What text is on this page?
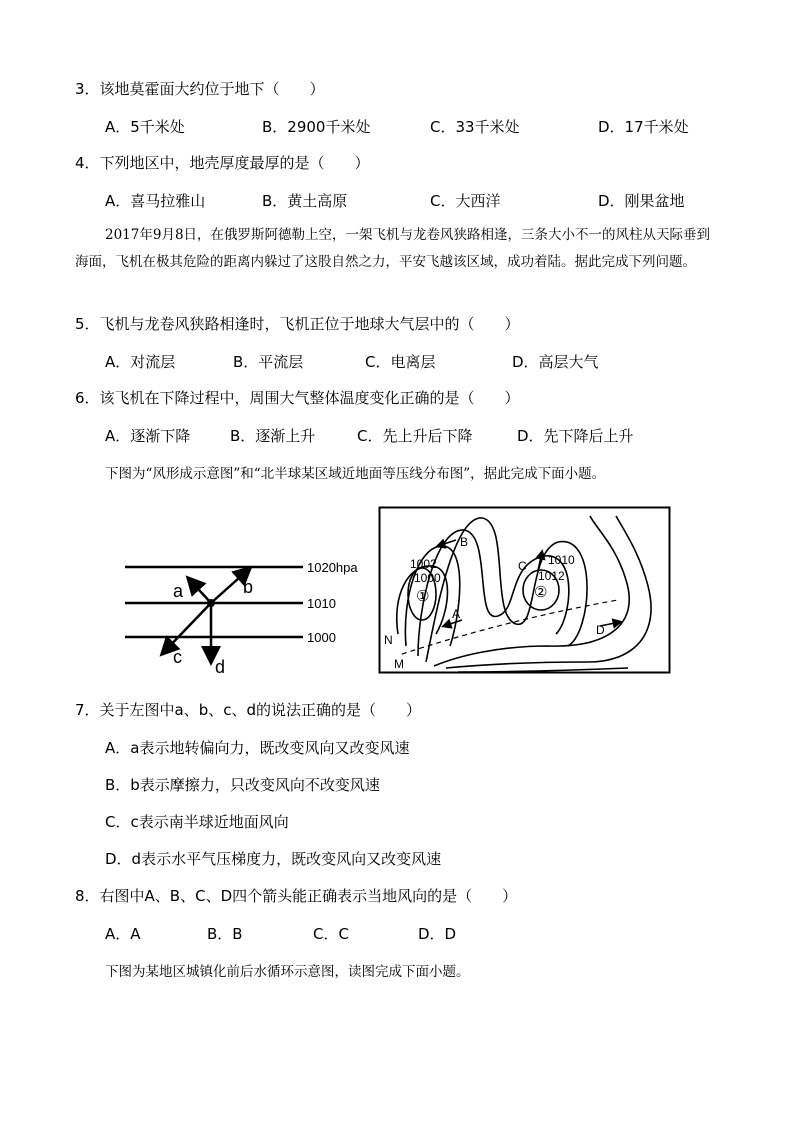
3．该地莫霍面大约位于地下（　　）
A．5千米处	B．2900千米处	C．33千米处	D．17千米处
4．下列地区中，地壳厚度最厚的是（　　）
A．喜马拉雅山	B．黄土高原	C．大西洋	D．刚果盆地
2017年9月8日，在俄罗斯阿德勒上空，一架飞机与龙卷风狭路相逢，三条大小不一的风柱从天际垂到海面，飞机在极其危险的距离内躲过了这股自然之力，平安飞越该区域，成功着陆。据此完成下列问题。
5．飞机与龙卷风狭路相逢时，飞机正位于地球大气层中的（　　）
A．对流层	B．平流层	C．电离层	D．高层大气
6．该飞机在下降过程中，周围大气整体温度变化正确的是（　　）
A．逐渐下降	B．逐渐上升	C．先上升后下降	D．先下降后上升
下图为“风形成示意图”和“北半球某区域近地面等压线分布图”，据此完成下面小题。
1020hpa
1010
1000
a	b
c d
1002
1000
1010
1012
①	②
A
B
C
D
M
N
7．关于左图中a、b、c、d的说法正确的是（　　）
A．a表示地转偏向力，既改变风向又改变风速
B．b表示摩擦力，只改变风向不改变风速
C．c表示南半球近地面风向
D．d表示水平气压梯度力，既改变风向又改变风速
8．右图中A、B、C、D四个箭头能正确表示当地风向的是（　　）
A．A	B．B	C．C	D．D
下图为某地区城镇化前后水循环示意图，读图完成下面小题。
